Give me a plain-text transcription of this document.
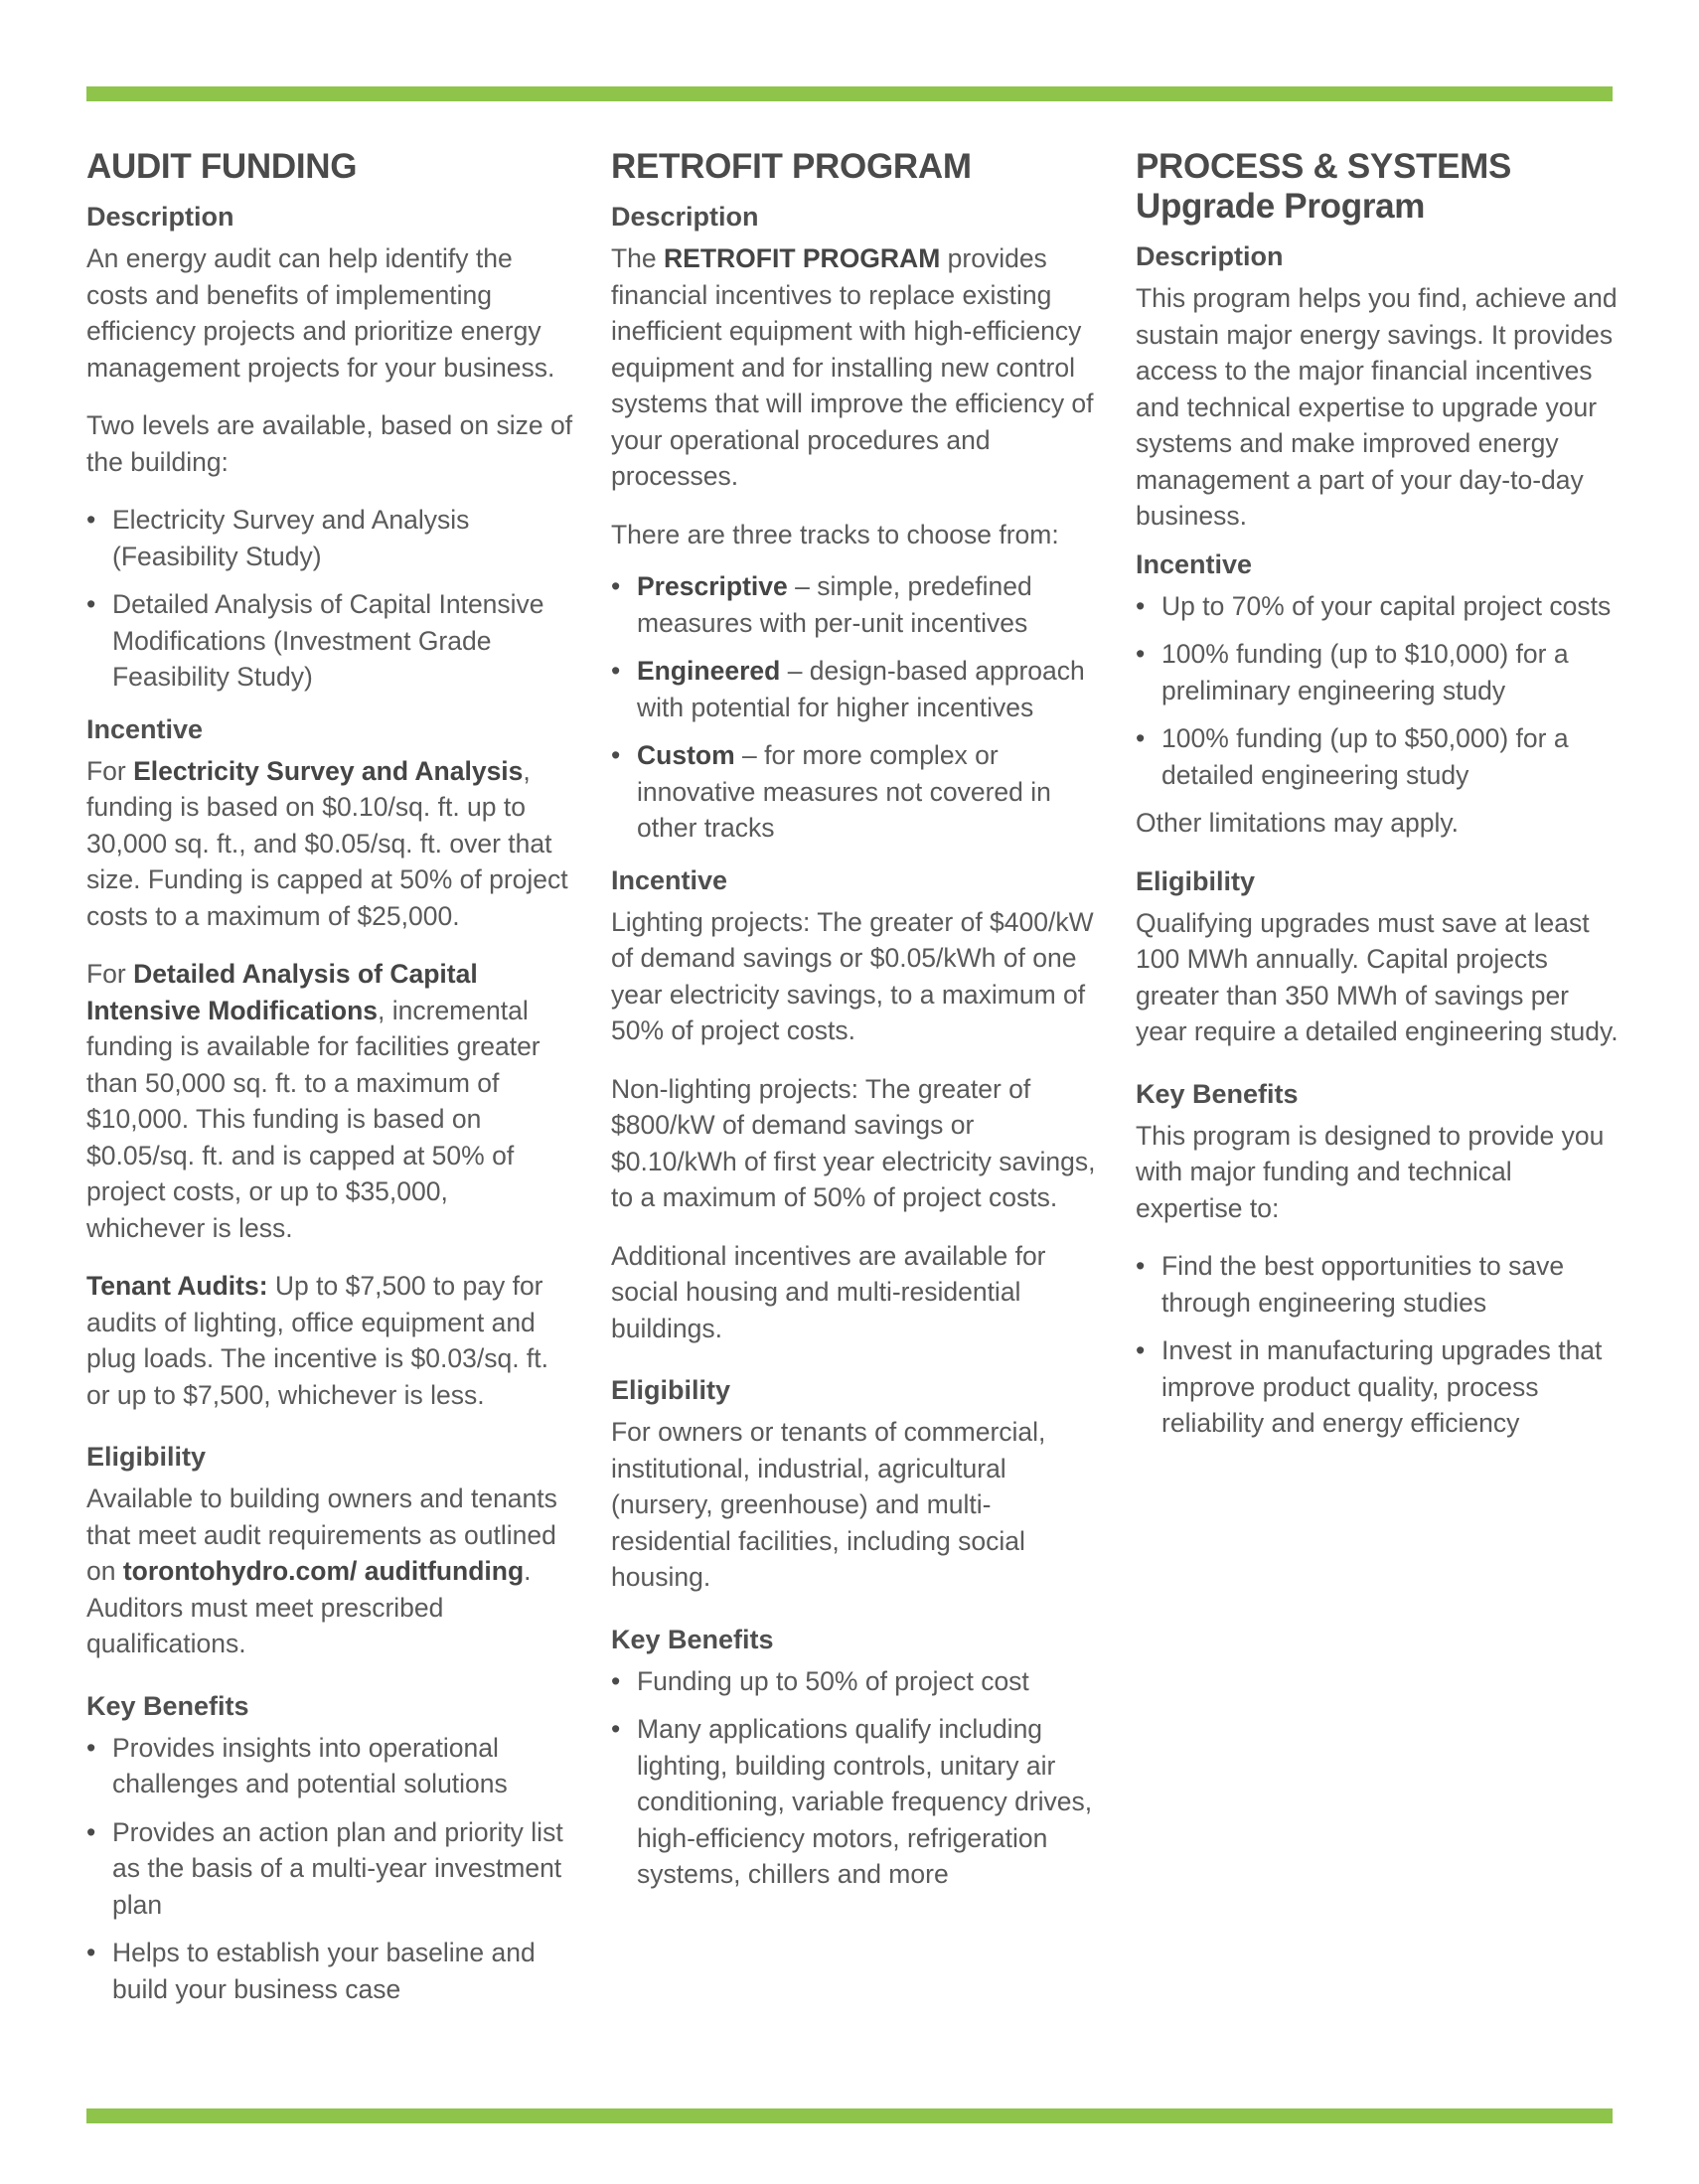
AUDIT FUNDING
Description

An energy audit can help identify the costs and benefits of implementing efficiency projects and prioritize energy management projects for your business.

Two levels are available, based on size of the building:

• Electricity Survey and Analysis (Feasibility Study)
• Detailed Analysis of Capital Intensive Modifications (Investment Grade Feasibility Study)
Incentive

For Electricity Survey and Analysis, funding is based on $0.10/sq. ft. up to 30,000 sq. ft., and $0.05/sq. ft. over that size. Funding is capped at 50% of project costs to a maximum of $25,000.

For Detailed Analysis of Capital Intensive Modifications, incremental funding is available for facilities greater than 50,000 sq. ft. to a maximum of $10,000. This funding is based on $0.05/sq. ft. and is capped at 50% of project costs, or up to $35,000, whichever is less.

Tenant Audits: Up to $7,500 to pay for audits of lighting, office equipment and plug loads. The incentive is $0.03/sq. ft. or up to $7,500, whichever is less.

Eligibility

Available to building owners and tenants that meet audit requirements as outlined on torontohydro.com/ auditfunding. Auditors must meet prescribed qualifications.

Key Benefits
• Provides insights into operational challenges and potential solutions
• Provides an action plan and priority list as the basis of a multi-year investment plan
• Helps to establish your baseline and build your business case
RETROFIT PROGRAM
Description

The RETROFIT PROGRAM provides financial incentives to replace existing inefficient equipment with high-efficiency equipment and for installing new control systems that will improve the efficiency of your operational procedures and processes.

There are three tracks to choose from:

• Prescriptive – simple, predefined measures with per-unit incentives
• Engineered – design-based approach with potential for higher incentives
• Custom – for more complex or innovative measures not covered in other tracks
Incentive

Lighting projects: The greater of $400/kW of demand savings or $0.05/kWh of one year electricity savings, to a maximum of 50% of project costs.

Non-lighting projects: The greater of $800/kW of demand savings or $0.10/kWh of first year electricity savings, to a maximum of 50% of project costs.

Additional incentives are available for social housing and multi-residential buildings.

Eligibility

For owners or tenants of commercial, institutional, industrial, agricultural (nursery, greenhouse) and multi-residential facilities, including social housing.

Key Benefits
• Funding up to 50% of project cost
• Many applications qualify including lighting, building controls, unitary air conditioning, variable frequency drives, high-efficiency motors, refrigeration systems, chillers and more
PROCESS & SYSTEMS
Upgrade Program
Description

This program helps you find, achieve and sustain major energy savings. It provides access to the major financial incentives and technical expertise to upgrade your systems and make improved energy management a part of your day-to-day business.

Incentive
• Up to 70% of your capital project costs
• 100% funding (up to $10,000) for a preliminary engineering study
• 100% funding (up to $50,000) for a detailed engineering study

Other limitations may apply.

Eligibility

Qualifying upgrades must save at least 100 MWh annually. Capital projects greater than 350 MWh of savings per year require a detailed engineering study.

Key Benefits

This program is designed to provide you with major funding and technical expertise to:

• Find the best opportunities to save through engineering studies
• Invest in manufacturing upgrades that improve product quality, process reliability and energy efficiency
